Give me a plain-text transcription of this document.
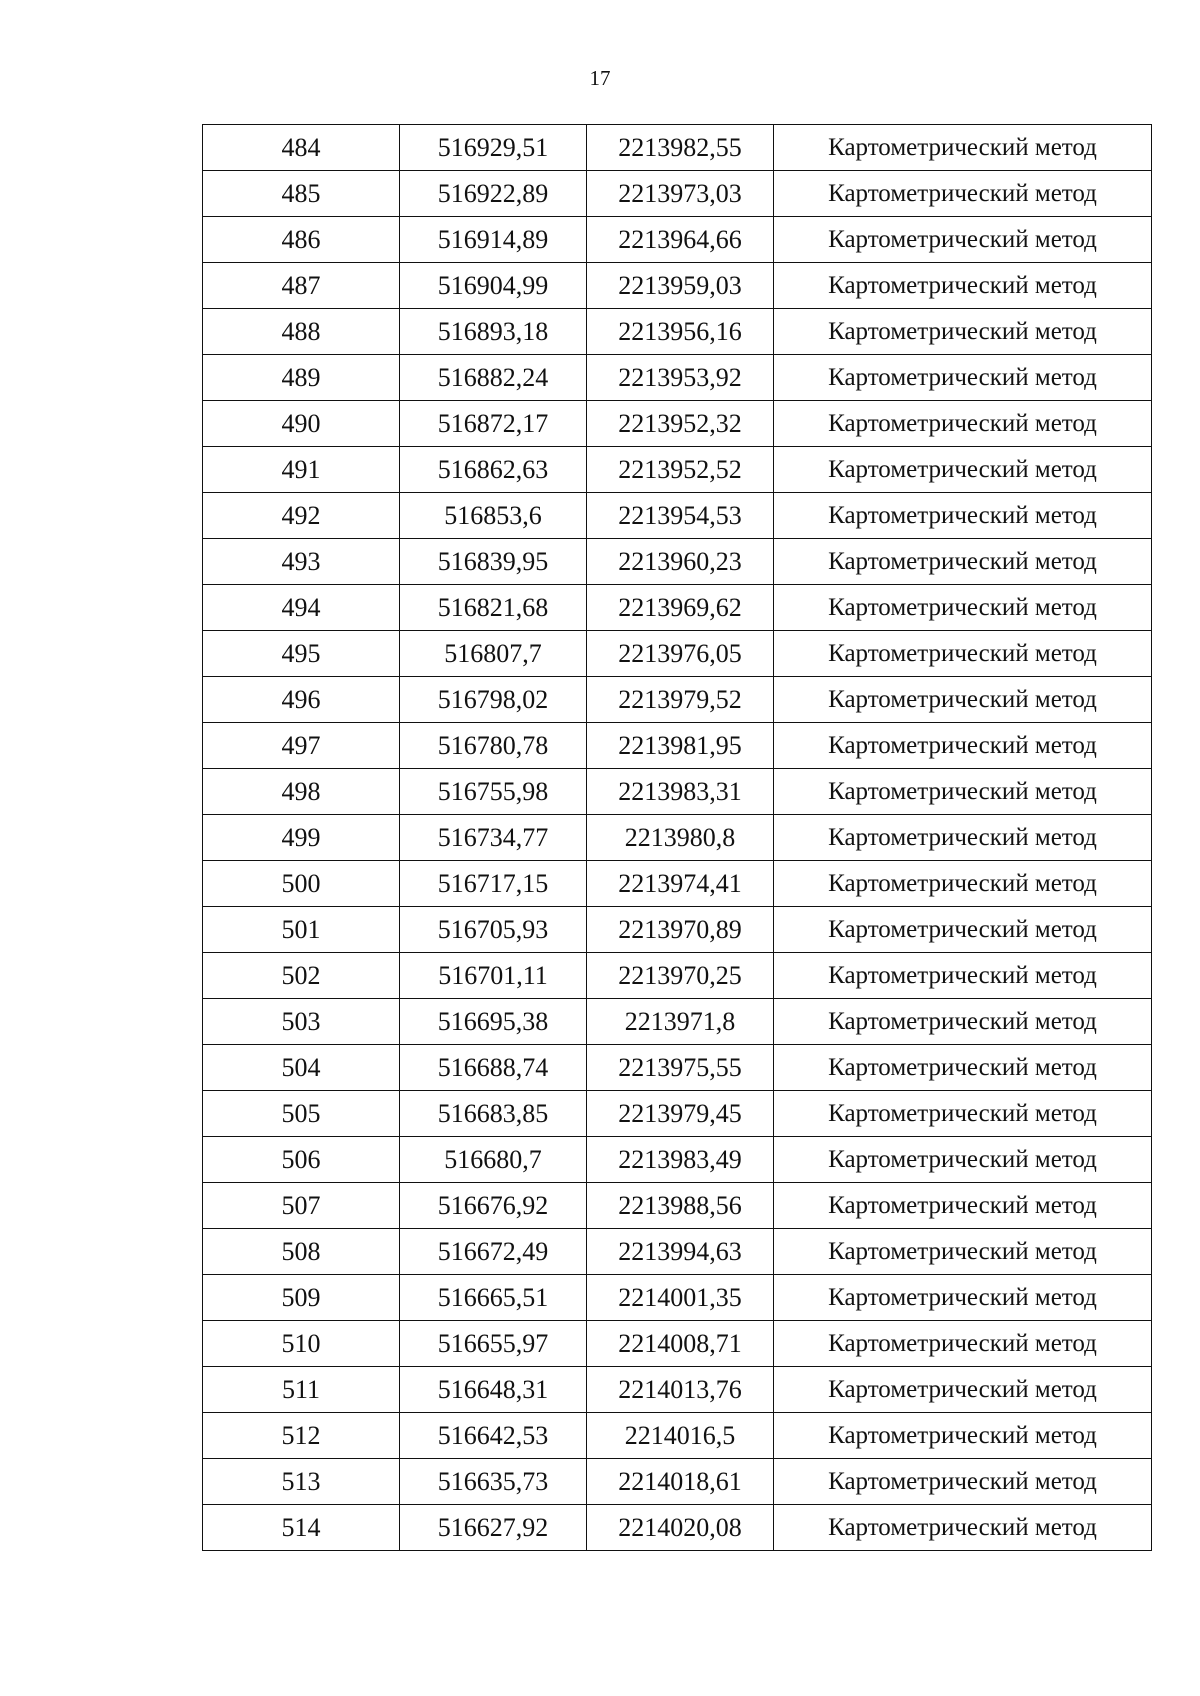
17
484	516929,51	2213982,55	Картометрический метод
485	516922,89	2213973,03	Картометрический метод
486	516914,89	2213964,66	Картометрический метод
487	516904,99	2213959,03	Картометрический метод
488	516893,18	2213956,16	Картометрический метод
489	516882,24	2213953,92	Картометрический метод
490	516872,17	2213952,32	Картометрический метод
491	516862,63	2213952,52	Картометрический метод
492	516853,6	2213954,53	Картометрический метод
493	516839,95	2213960,23	Картометрический метод
494	516821,68	2213969,62	Картометрический метод
495	516807,7	2213976,05	Картометрический метод
496	516798,02	2213979,52	Картометрический метод
497	516780,78	2213981,95	Картометрический метод
498	516755,98	2213983,31	Картометрический метод
499	516734,77	2213980,8	Картометрический метод
500	516717,15	2213974,41	Картометрический метод
501	516705,93	2213970,89	Картометрический метод
502	516701,11	2213970,25	Картометрический метод
503	516695,38	2213971,8	Картометрический метод
504	516688,74	2213975,55	Картометрический метод
505	516683,85	2213979,45	Картометрический метод
506	516680,7	2213983,49	Картометрический метод
507	516676,92	2213988,56	Картометрический метод
508	516672,49	2213994,63	Картометрический метод
509	516665,51	2214001,35	Картометрический метод
510	516655,97	2214008,71	Картометрический метод
511	516648,31	2214013,76	Картометрический метод
512	516642,53	2214016,5	Картометрический метод
513	516635,73	2214018,61	Картометрический метод
514	516627,92	2214020,08	Картометрический метод
